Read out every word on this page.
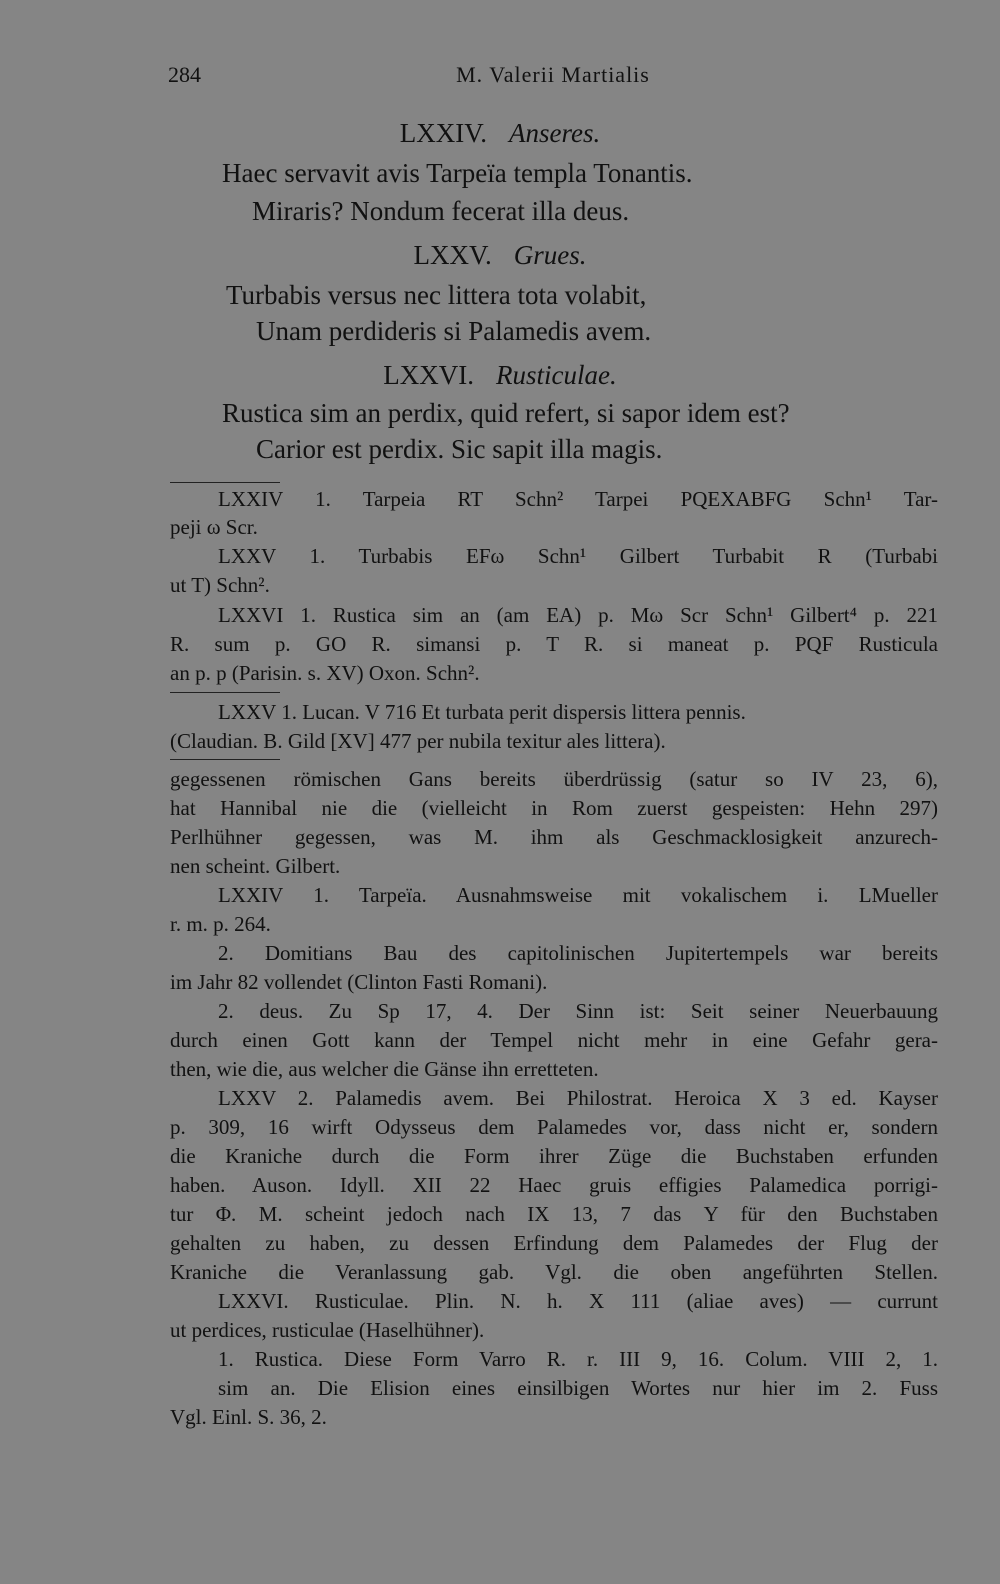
284	M. Valerii Martialis
LXXIV. Anseres.
Haec servavit avis Tarpeïa templa Tonantis.
Miraris? Nondum fecerat illa deus.
LXXV. Grues.
Turbabis versus nec littera tota volabit,
Unam perdideris si Palamedis avem.
LXXVI. Rusticulae.
Rustica sim an perdix, quid refert, si sapor idem est?
Carior est perdix. Sic sapit illa magis.
LXXIV 1. Tarpeia RT Schn² Tarpei PQEXABFG Schn¹ Tar-
peji ω Scr.
LXXV 1. Turbabis EFω Schn¹ Gilbert Turbabit R (Turbabi
ut T) Schn².
LXXVI 1. Rustica sim an (am EA) p. Mω Scr Schn¹ Gilbert⁴ p. 221
R. sum p. GO R. simansi p. T R. si maneat p. PQF Rusticula
an p. p (Parisin. s. XV) Oxon. Schn².
LXXV 1. Lucan. V 716 Et turbata perit dispersis littera pennis.
(Claudian. B. Gild [XV] 477 per nubila texitur ales littera).
gegessenen römischen Gans bereits überdrüssig (satur so IV 23, 6),
hat Hannibal nie die (vielleicht in Rom zuerst gespeisten: Hehn 297)
Perlhühner gegessen, was M. ihm als Geschmacklosigkeit anzurech-
nen scheint. Gilbert.
LXXIV 1. Tarpeïa. Ausnahmsweise mit vokalischem i. LMueller
r. m. p. 264.
2. Domitians Bau des capitolinischen Jupitertempels war bereits
im Jahr 82 vollendet (Clinton Fasti Romani).
2. deus. Zu Sp 17, 4. Der Sinn ist: Seit seiner Neuerbauung
durch einen Gott kann der Tempel nicht mehr in eine Gefahr gera-
then, wie die, aus welcher die Gänse ihn erretteten.
LXXV 2. Palamedis avem. Bei Philostrat. Heroica X 3 ed. Kayser
p. 309, 16 wirft Odysseus dem Palamedes vor, dass nicht er, sondern
die Kraniche durch die Form ihrer Züge die Buchstaben erfunden
haben. Auson. Idyll. XII 22 Haec gruis effigies Palamedica porrigi-
tur Φ. M. scheint jedoch nach IX 13, 7 das Υ für den Buchstaben
gehalten zu haben, zu dessen Erfindung dem Palamedes der Flug der
Kraniche die Veranlassung gab. Vgl. die oben angeführten Stellen.
LXXVI. Rusticulae. Plin. N. h. X 111 (aliae aves) — currunt
ut perdices, rusticulae (Haselhühner).
1. Rustica. Diese Form Varro R. r. III 9, 16. Colum. VIII 2, 1.
sim an. Die Elision eines einsilbigen Wortes nur hier im 2. Fuss
Vgl. Einl. S. 36, 2.
